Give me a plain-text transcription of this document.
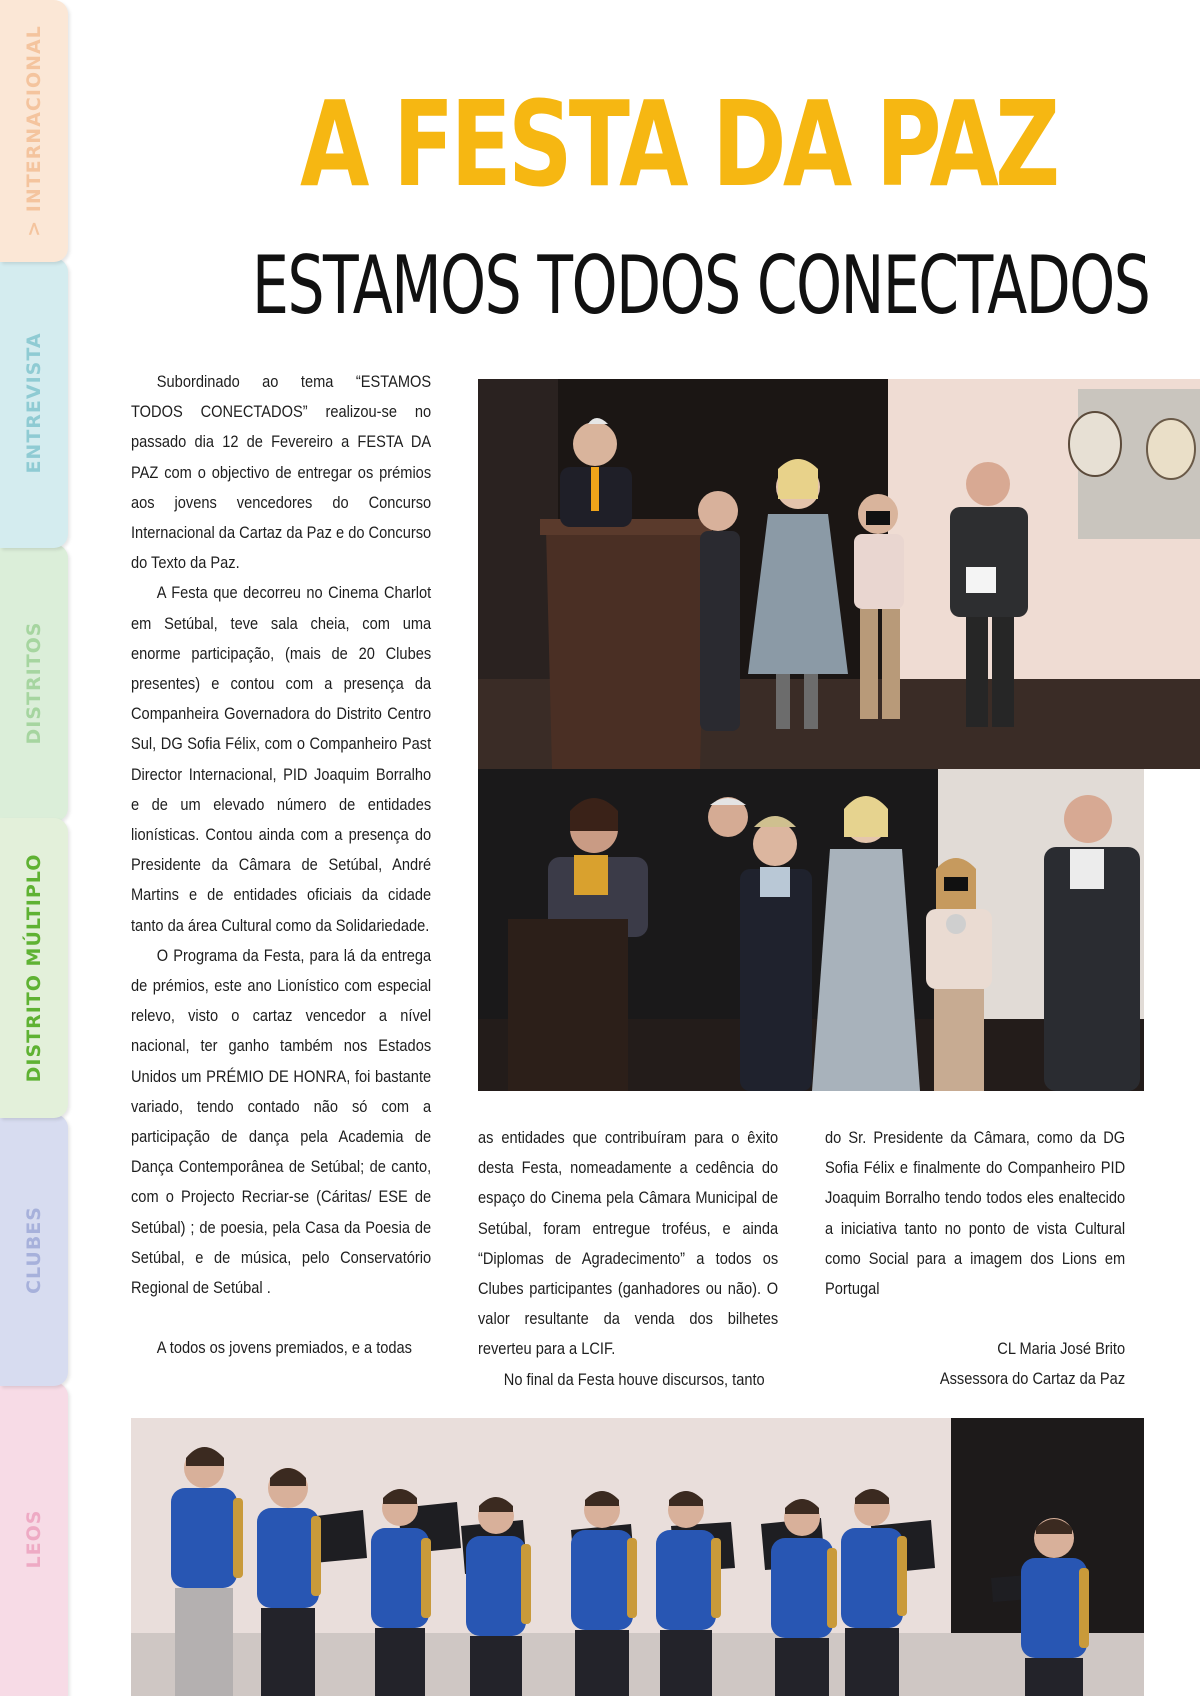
> INTERNACIONAL
ENTREVISTA
DISTRITOS
DISTRITO MÚLTIPLO
CLUBES
LEOS
A FESTA DA PAZ
ESTAMOS TODOS CONECTADOS

Subordinado ao tema “ESTAMOS TODOS CONECTADOS” realizou-se no passado dia 12 de Fevereiro a FESTA DA PAZ com o objectivo de entregar os prémios aos jovens vencedores do Concurso Internacional da Cartaz da Paz e do Concurso do Texto da Paz.

A Festa que decorreu no Cinema Charlot em Setúbal, teve sala cheia, com uma enorme participação, (mais de 20 Clubes presentes) e contou com a presença da Companheira Governadora do Distrito Centro Sul, DG Sofia Félix, com o Companheiro Past Director Internacional, PID Joaquim Borralho e de um elevado número de entidades lionísticas. Contou ainda com a presença do Presidente da Câmara de Setúbal, André Martins e de entidades oficiais da cidade tanto da área Cultural como da Solidariedade.

O Programa da Festa, para lá da entrega de prémios, este ano Lionístico com especial relevo, visto o cartaz vencedor a nível nacional, ter ganho também nos Estados Unidos um PRÉMIO DE HONRA, foi bastante variado, tendo contado não só com a participação de dança pela Academia de Dança Contemporânea de Setúbal; de canto, com o Projecto Recriar-se (Cáritas/ ESE de Setúbal) ; de poesia, pela Casa da Poesia de Setúbal, e de música, pelo Conservatório Regional de Setúbal .

A todos os jovens premiados, e a todas

as entidades que contribuíram para o êxito desta Festa, nomeadamente a cedência do espaço do Cinema pela Câmara Municipal de Setúbal, foram entregue troféus, e ainda “Diplomas de Agradecimento” a todos os Clubes participantes (ganhadores ou não). O valor resultante da venda dos bilhetes reverteu para a LCIF.

No final da Festa houve discursos, tanto

do Sr. Presidente da Câmara, como da DG Sofia Félix e finalmente do Companheiro PID Joaquim Borralho tendo todos eles enaltecido a iniciativa tanto no ponto de vista Cultural como Social para a imagem dos Lions em Portugal

CL Maria José Brito

Assessora do Cartaz da Paz
